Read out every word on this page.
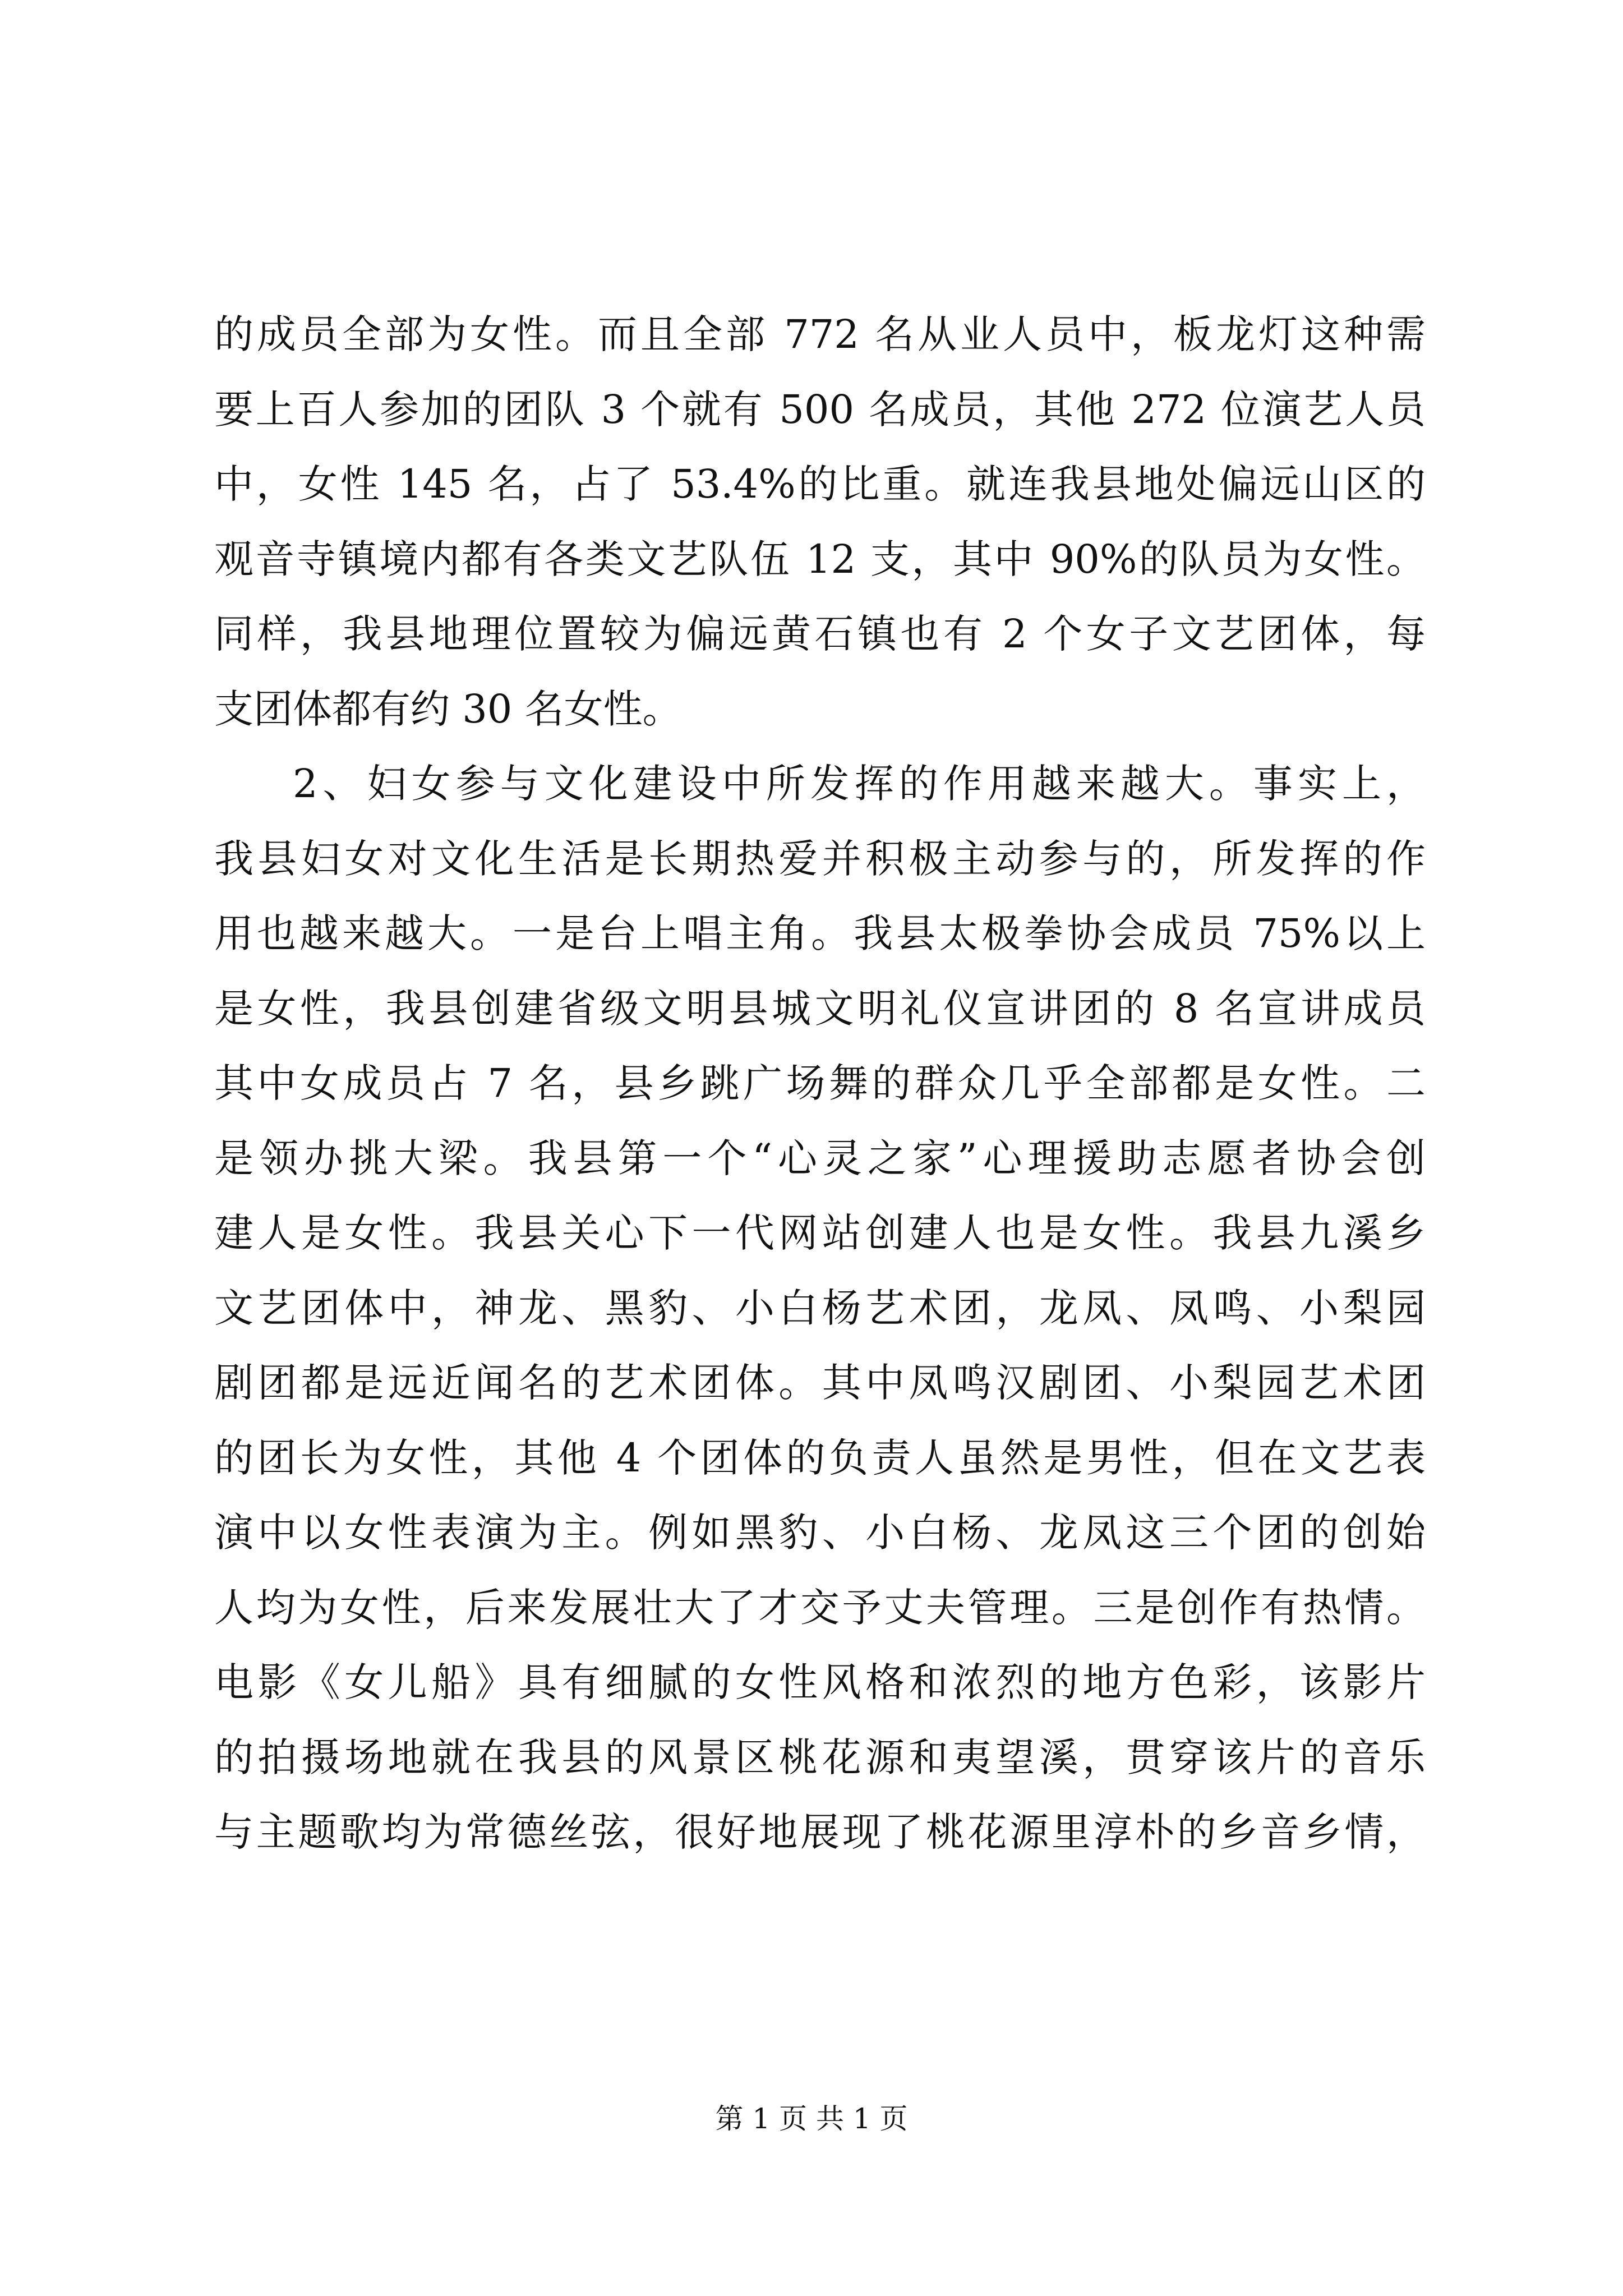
的成员全部为女性。而且全部 772 名从业人员中，板龙灯这种需
要上百人参加的团队 3 个就有 500 名成员，其他 272 位演艺人员
中，女性 145 名，占了 53.4%的比重。就连我县地处偏远山区的
观音寺镇境内都有各类文艺队伍 12 支，其中 90%的队员为女性。
同样，我县地理位置较为偏远黄石镇也有 2 个女子文艺团体，每
支团体都有约 30 名女性。
2、妇女参与文化建设中所发挥的作用越来越大。事实上，
我县妇女对文化生活是长期热爱并积极主动参与的，所发挥的作
用也越来越大。一是台上唱主角。我县太极拳协会成员 75%以上
是女性，我县创建省级文明县城文明礼仪宣讲团的 8 名宣讲成员
其中女成员占 7 名，县乡跳广场舞的群众几乎全部都是女性。二
是领办挑大梁。我县第一个“心灵之家”心理援助志愿者协会创
建人是女性。我县关心下一代网站创建人也是女性。我县九溪乡
文艺团体中，神龙、黑豹、小白杨艺术团，龙凤、凤鸣、小梨园
剧团都是远近闻名的艺术团体。其中凤鸣汉剧团、小梨园艺术团
的团长为女性，其他 4 个团体的负责人虽然是男性，但在文艺表
演中以女性表演为主。例如黑豹、小白杨、龙凤这三个团的创始
人均为女性，后来发展壮大了才交予丈夫管理。三是创作有热情。
电影《女儿船》具有细腻的女性风格和浓烈的地方色彩，该影片
的拍摄场地就在我县的风景区桃花源和夷望溪，贯穿该片的音乐
与主题歌均为常德丝弦，很好地展现了桃花源里淳朴的乡音乡情，
第 1 页 共 1 页
